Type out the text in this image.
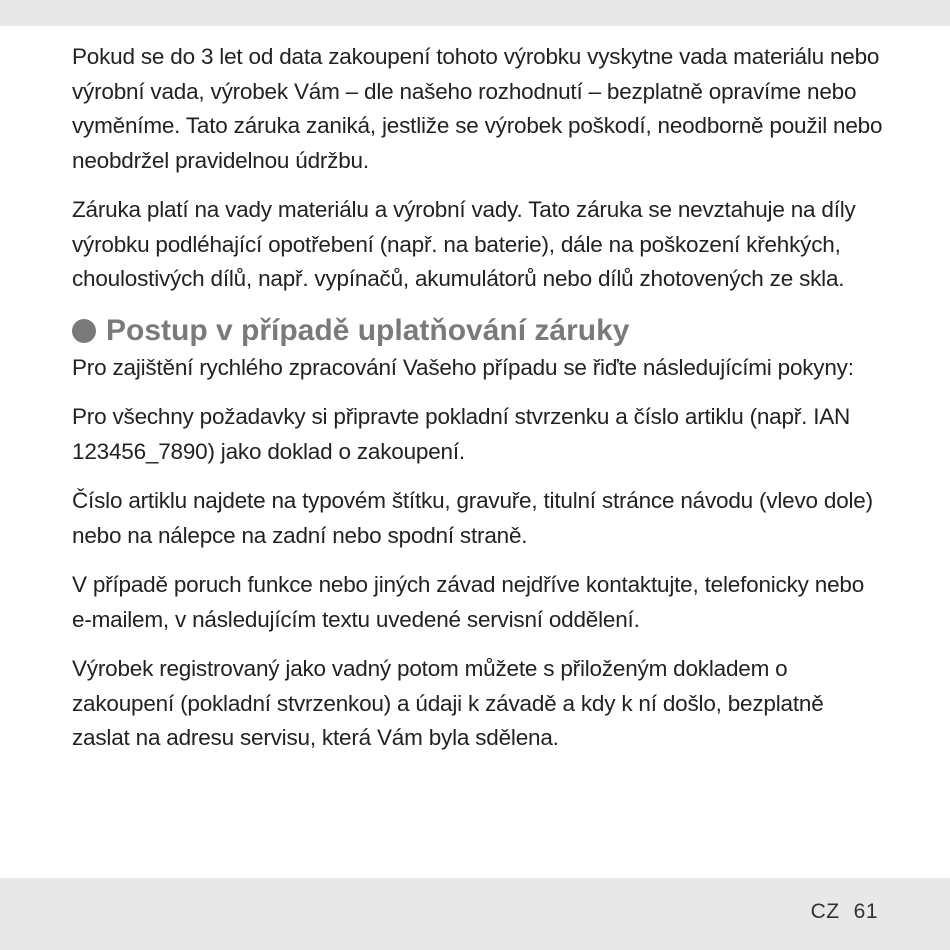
Pokud se do 3 let od data zakoupení tohoto výrobku vyskytne vada materiálu nebo výrobní vada, výrobek Vám – dle našeho rozhodnutí – bezplatně opravíme nebo vyměníme. Tato záruka zaniká, jestliže se výrobek poškodí, neodborně použil nebo neobdržel pravidelnou údržbu.

Záruka platí na vady materiálu a výrobní vady. Tato záruka se nevztahuje na díly výrobku podléhající opotřebení (např. na baterie), dále na poškození křehkých, choulostivých dílů, např. vypínačů, akumulátorů nebo dílů zhotovených ze skla.

Postup v případě uplatňování záruky

Pro zajištění rychlého zpracování Vašeho případu se řiďte následujícími pokyny:

Pro všechny požadavky si připravte pokladní stvrzenku a číslo artiklu (např. IAN 123456_7890) jako doklad o zakoupení.

Číslo artiklu najdete na typovém štítku, gravuře, titulní stránce návodu (vlevo dole) nebo na nálepce na zadní nebo spodní straně.

V případě poruch funkce nebo jiných závad nejdříve kontaktujte, telefonicky nebo e-mailem, v následujícím textu uvedené servisní oddělení.

Výrobek registrovaný jako vadný potom můžete s přiloženým dokladem o zakoupení (pokladní stvrzenkou) a údaji k závadě a kdy k ní došlo, bezplatně zaslat na adresu servisu, která Vám byla sdělena.

CZ 61
